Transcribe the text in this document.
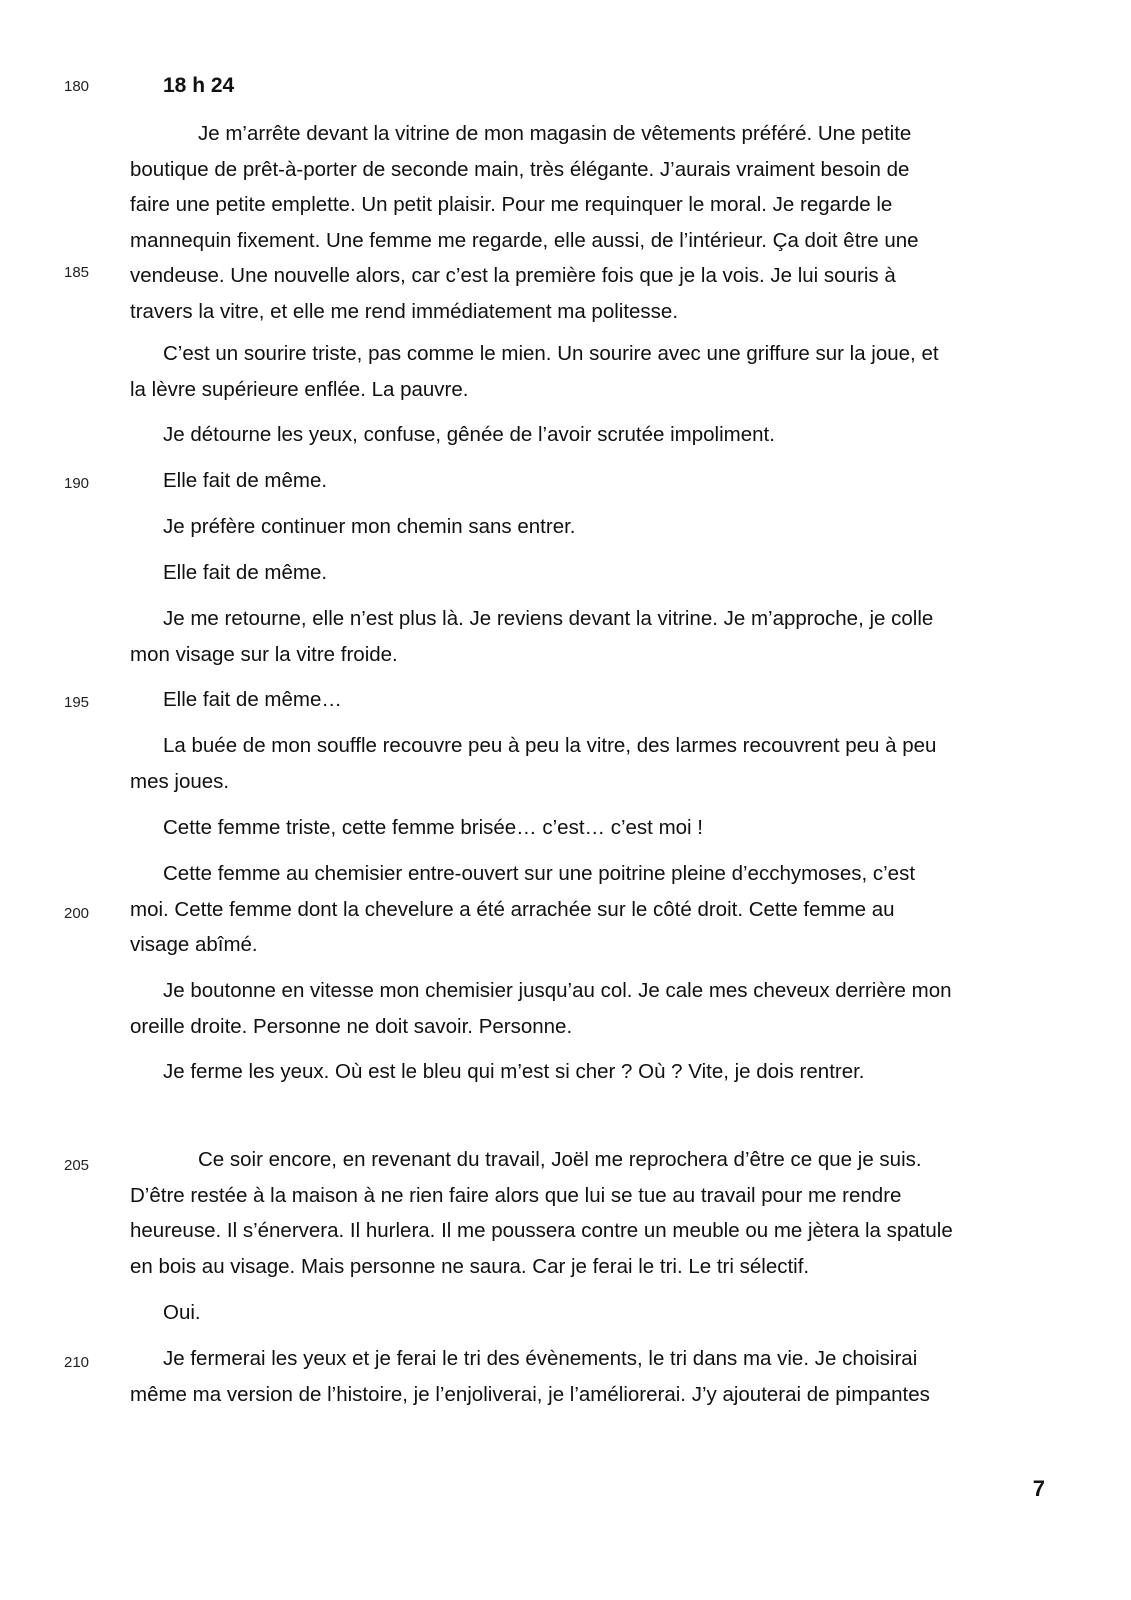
180
185
190
195
200
205
210
18 h 24
Je m’arrête devant la vitrine de mon magasin de vêtements préféré. Une petite
boutique de prêt-à-porter de seconde main, très élégante. J’aurais vraiment besoin de
faire une petite emplette. Un petit plaisir. Pour me requinquer le moral. Je regarde le
mannequin fixement. Une femme me regarde, elle aussi, de l’intérieur. Ça doit être une
vendeuse. Une nouvelle alors, car c’est la première fois que je la vois. Je lui souris à
travers la vitre, et elle me rend immédiatement ma politesse.
C’est un sourire triste, pas comme le mien. Un sourire avec une griffure sur la joue, et
la lèvre supérieure enflée. La pauvre.
Je détourne les yeux, confuse, gênée de l’avoir scrutée impoliment.
Elle fait de même.
Je préfère continuer mon chemin sans entrer.
Elle fait de même.
Je me retourne, elle n’est plus là. Je reviens devant la vitrine. Je m’approche, je colle
mon visage sur la vitre froide.
Elle fait de même…
La buée de mon souffle recouvre peu à peu la vitre, des larmes recouvrent peu à peu
mes joues.
Cette femme triste, cette femme brisée… c’est… c’est moi !
Cette femme au chemisier entre-ouvert sur une poitrine pleine d’ecchymoses, c’est
moi. Cette femme dont la chevelure a été arrachée sur le côté droit. Cette femme au
visage abîmé.
Je boutonne en vitesse mon chemisier jusqu’au col. Je cale mes cheveux derrière mon
oreille droite. Personne ne doit savoir. Personne.
Je ferme les yeux. Où est le bleu qui m’est si cher ? Où ? Vite, je dois rentrer.
Ce soir encore, en revenant du travail, Joël me reprochera d’être ce que je suis.
D’être restée à la maison à ne rien faire alors que lui se tue au travail pour me rendre
heureuse. Il s’énervera. Il hurlera. Il me poussera contre un meuble ou me jètera la spatule
en bois au visage. Mais personne ne saura. Car je ferai le tri. Le tri sélectif.
Oui.
Je fermerai les yeux et je ferai le tri des évènements, le tri dans ma vie. Je choisirai
même ma version de l’histoire, je l’enjoliverai, je l’améliorerai. J’y ajouterai de pimpantes
7
